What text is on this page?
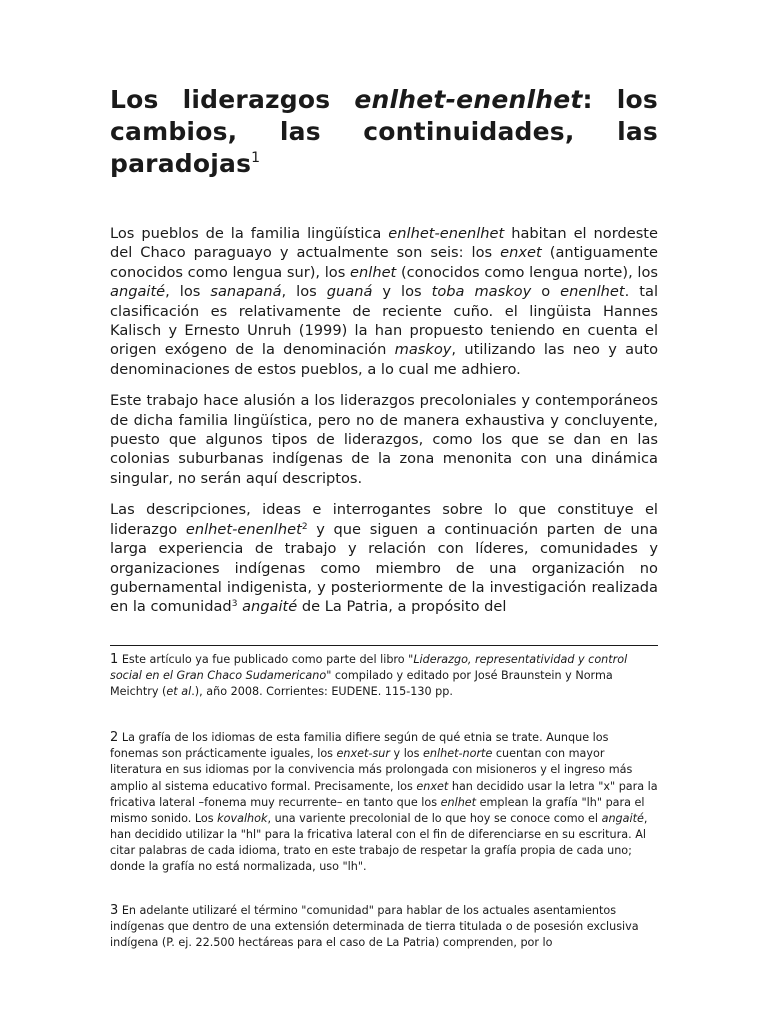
Los liderazgos enlhet-enenlhet: los cambios, las continuidades, las paradojas$^1$

Los pueblos de la familia lingüística enlhet-enenlhet habitan el nordeste del Chaco paraguayo y actualmente son seis: los enxet (antiguamente conocidos como lengua sur), los enlhet (conocidos como lengua norte), los angaité, los sanapaná, los guaná y los toba maskoy o enenlhet. tal clasificación es relativamente de reciente cuño. el lingüista Hannes Kalisch y Ernesto Unruh (1999) la han propuesto teniendo en cuenta el origen exógeno de la denominación maskoy, utilizando las neo y auto denominaciones de estos pueblos, a lo cual me adhiero.

Este trabajo hace alusión a los liderazgos precoloniales y contemporáneos de dicha familia lingüística, pero no de manera exhaustiva y concluyente, puesto que algunos tipos de liderazgos, como los que se dan en las colonias suburbanas indígenas de la zona menonita con una dinámica singular, no serán aquí descriptos.

Las descripciones, ideas e interrogantes sobre lo que constituye el liderazgo enlhet-enenlhet$^2$ y que siguen a continuación parten de una larga experiencia de trabajo y relación con líderes, comunidades y organizaciones indígenas como miembro de una organización no gubernamental indigenista, y posteriormente de la investigación realizada en la comunidad$^3$ angaité de La Patria, a propósito del

1 Este artículo ya fue publicado como parte del libro "Liderazgo, representatividad y control social en el Gran Chaco Sudamericano" compilado y editado por José Braunstein y Norma Meichtry (et al.), año 2008. Corrientes: EUDENE. 115-130 pp.

2 La grafía de los idiomas de esta familia difiere según de qué etnia se trate. Aunque los fonemas son prácticamente iguales, los enxet-sur y los enlhet-norte cuentan con mayor literatura en sus idiomas por la convivencia más prolongada con misioneros y el ingreso más amplio al sistema educativo formal. Precisamente, los enxet han decidido usar la letra "x" para la fricativa lateral –fonema muy recurrente– en tanto que los enlhet emplean la grafía "lh" para el mismo sonido. Los kovalhok, una variente precolonial de lo que hoy se conoce como el angaité, han decidido utilizar la "hl" para la fricativa lateral con el fin de diferenciarse en su escritura. Al citar palabras de cada idioma, trato en este trabajo de respetar la grafía propia de cada uno; donde la grafía no está normalizada, uso "lh".

3 En adelante utilizaré el término "comunidad" para hablar de los actuales asentamientos indígenas que dentro de una extensión determinada de tierra titulada o de posesión exclusiva indígena (P. ej. 22.500 hectáreas para el caso de La Patria) comprenden, por lo
